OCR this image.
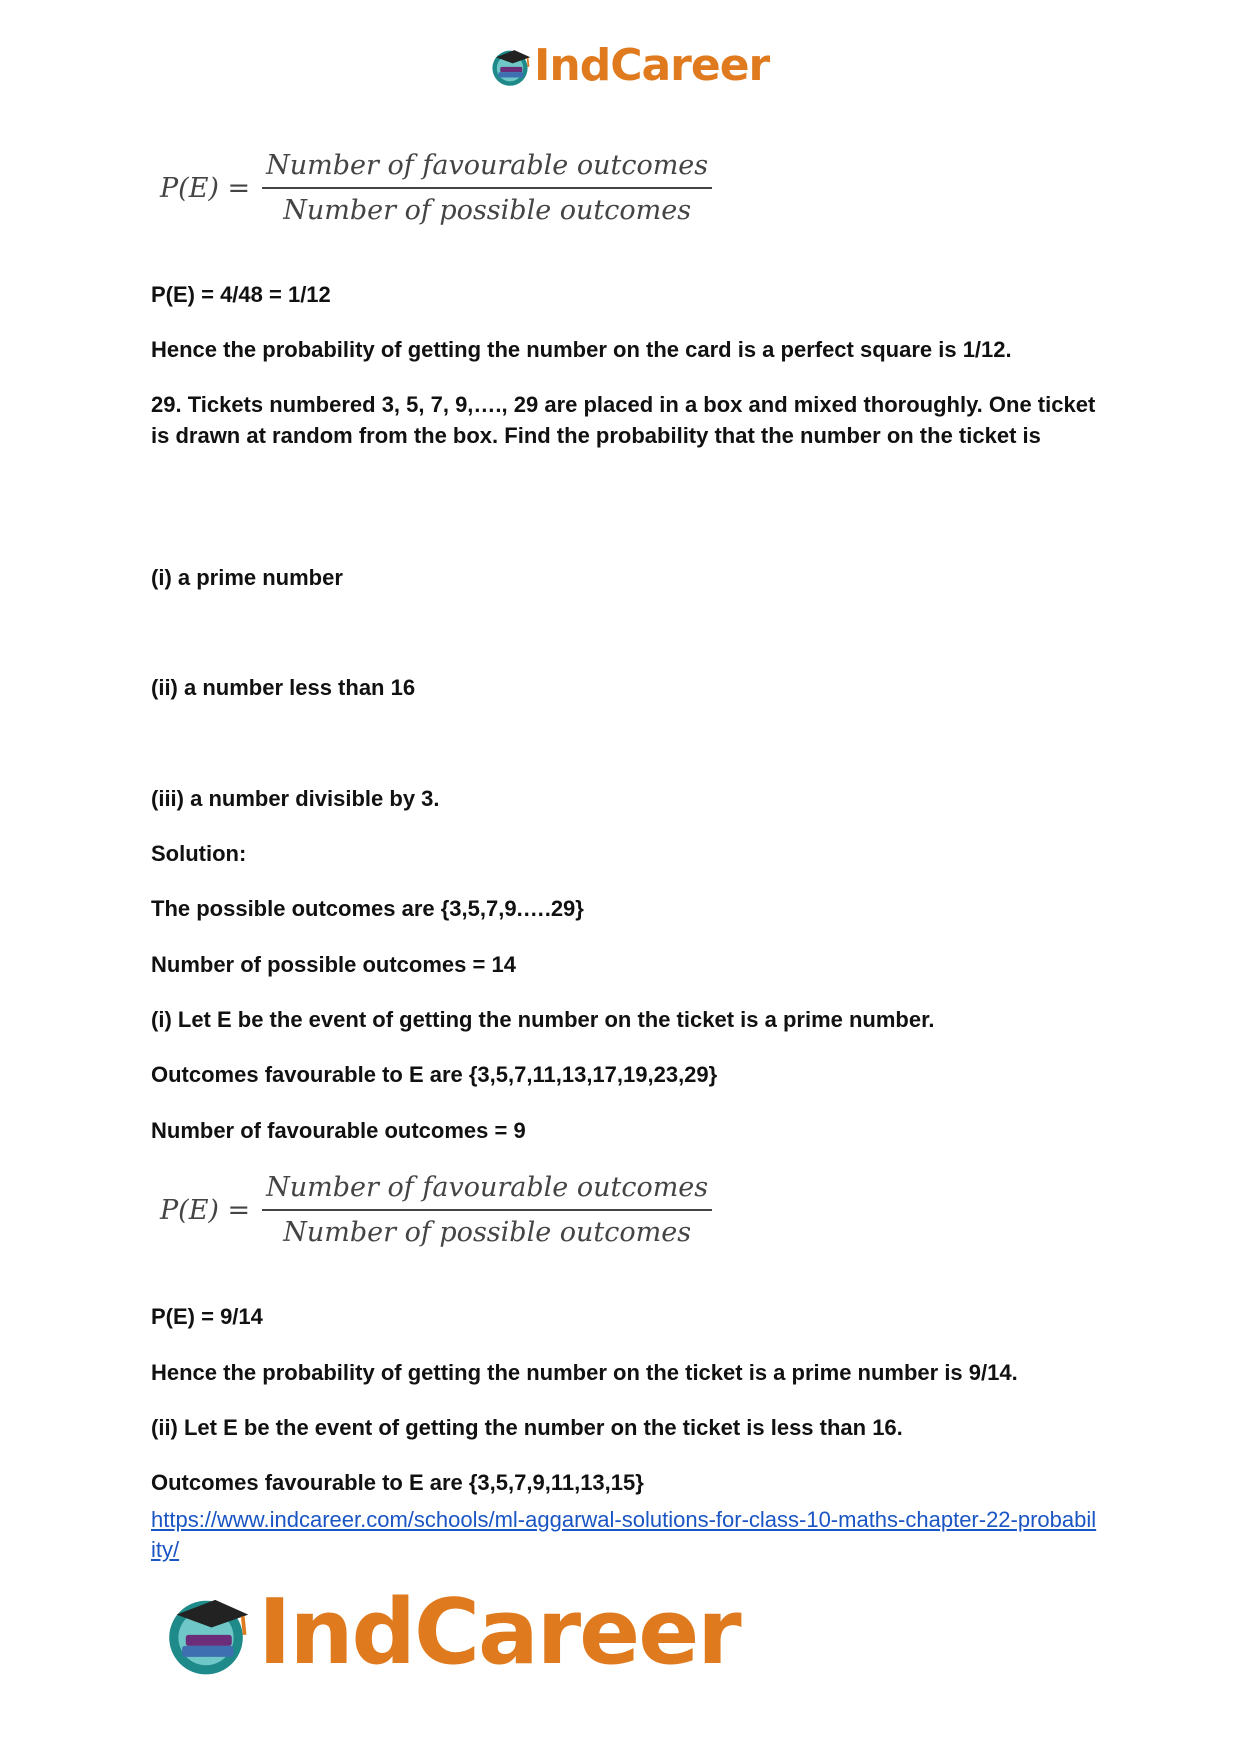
IndCareer
$P(E) = \frac{\text{Number of favourable outcomes}}{\text{Number of possible outcomes}}$
P(E) = 4/48 = 1/12
Hence the probability of getting the number on the card is a perfect square is 1/12.
29. Tickets numbered 3, 5, 7, 9,…., 29 are placed in a box and mixed thoroughly. One ticket is drawn at random from the box. Find the probability that the number on the ticket is
(i) a prime number
(ii) a number less than 16
(iii) a number divisible by 3.
Solution:
The possible outcomes are {3,5,7,9.….29}
Number of possible outcomes = 14
(i) Let E be the event of getting the number on the ticket is a prime number.
Outcomes favourable to E are {3,5,7,11,13,17,19,23,29}
Number of favourable outcomes = 9
$P(E) = \frac{\text{Number of favourable outcomes}}{\text{Number of possible outcomes}}$
P(E) = 9/14
Hence the probability of getting the number on the ticket is a prime number is 9/14.
(ii) Let E be the event of getting the number on the ticket is less than 16.
Outcomes favourable to E are {3,5,7,9,11,13,15}
https://www.indcareer.com/schools/ml-aggarwal-solutions-for-class-10-maths-chapter-22-probability/
IndCareer
